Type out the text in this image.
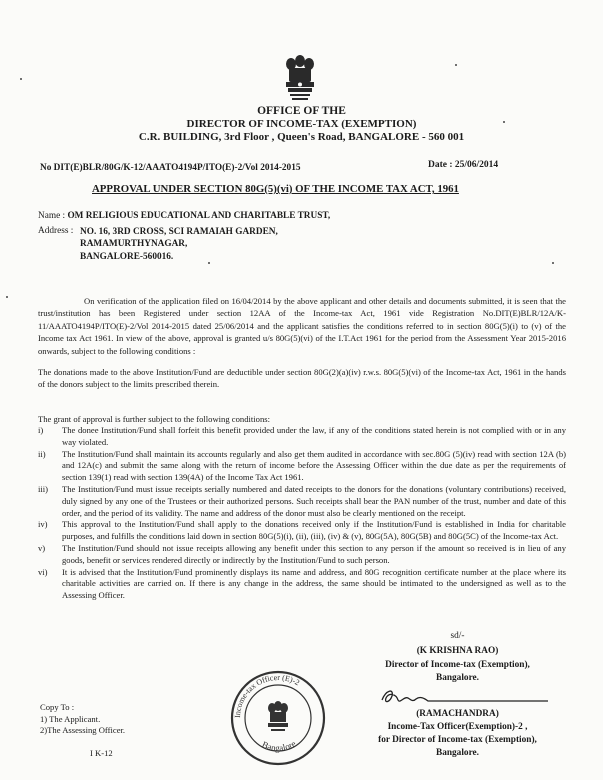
OFFICE OF THE
DIRECTOR OF INCOME-TAX (EXEMPTION)
C.R. BUILDING, 3rd Floor , Queen's Road, BANGALORE - 560 001
No DIT(E)BLR/80G/K-12/AAATO4194P/ITO(E)-2/Vol 2014-2015	Date : 25/06/2014
APPROVAL UNDER SECTION 80G(5)(vi) OF THE INCOME TAX ACT, 1961
Name : OM RELIGIOUS EDUCATIONAL AND CHARITABLE TRUST,
Address : NO. 16, 3RD CROSS, SCI RAMAIAH GARDEN,
RAMAMURTHYNAGAR,
BANGALORE-560016.
On verification of the application filed on 16/04/2014 by the above applicant and other details and documents submitted, it is seen that the trust/institution has been Registered under section 12AA of the Income-tax Act, 1961 vide Registration No.DIT(E)BLR/12A/K-11/AAATO4194P/ITO(E)-2/Vol 2014-2015 dated 25/06/2014 and the applicant satisfies the conditions referred to in section 80G(5)(i) to (v) of the Income tax Act 1961. In view of the above, approval is granted u/s 80G(5)(vi) of the I.T.Act 1961 for the period from the Assessment Year 2015-2016 onwards, subject to the following conditions :
The donations made to the above Institution/Fund are deductible under section 80G(2)(a)(iv) r.w.s. 80G(5)(vi) of the Income-tax Act, 1961 in the hands of the donors subject to the limits prescribed therein.
The grant of approval is further subject to the following conditions:
i)	The donee Institution/Fund shall forfeit this benefit provided under the law, if any of the conditions stated herein is not complied with or in any way violated.
ii)	The Institution/Fund shall maintain its accounts regularly and also get them audited in accordance with sec.80G (5)(iv) read with section 12A (b) and 12A(c) and submit the same along with the return of income before the Assessing Officer within the due date as per the requirements of section 139(1) read with section 139(4A) of the Income Tax Act 1961.
iii)	The Institution/Fund must issue receipts serially numbered and dated receipts to the donors for the donations (voluntary contributions) received, duly signed by any one of the Trustees or their authorized persons. Such receipts shall bear the PAN number of the trust, number and date of this order, and the period of its validity. The name and address of the donor must also be clearly mentioned on the receipt.
iv)	This approval to the Institution/Fund shall apply to the donations received only if the Institution/Fund is established in India for charitable purposes, and fulfills the conditions laid down in section 80G(5)(i), (ii), (iii), (iv) & (v), 80G(5A), 80G(5B) and 80G(5C) of the Income-tax Act.
v)	The Institution/Fund should not issue receipts allowing any benefit under this section to any person if the amount so received is in lieu of any goods, benefit or services rendered directly or indirectly by the Institution/Fund to such person.
vi)	It is advised that the Institution/Fund prominently displays its name and address, and 80G recognition certificate number at the place where its charitable activities are carried on. If there is any change in the address, the same should be intimated to the undersigned as well as to the Assessing Officer.
sd/-
(K KRISHNA RAO)
Director of Income-tax (Exemption),
Bangalore.
Income-tax Officer (E)-2
Bangalore
(RAMACHANDRA)
Income-Tax Officer(Exemption)-2 ,
for Director of Income-tax (Exemption),
Bangalore.
Copy To :
1) The Applicant.
2)The Assessing Officer.
I K-12
